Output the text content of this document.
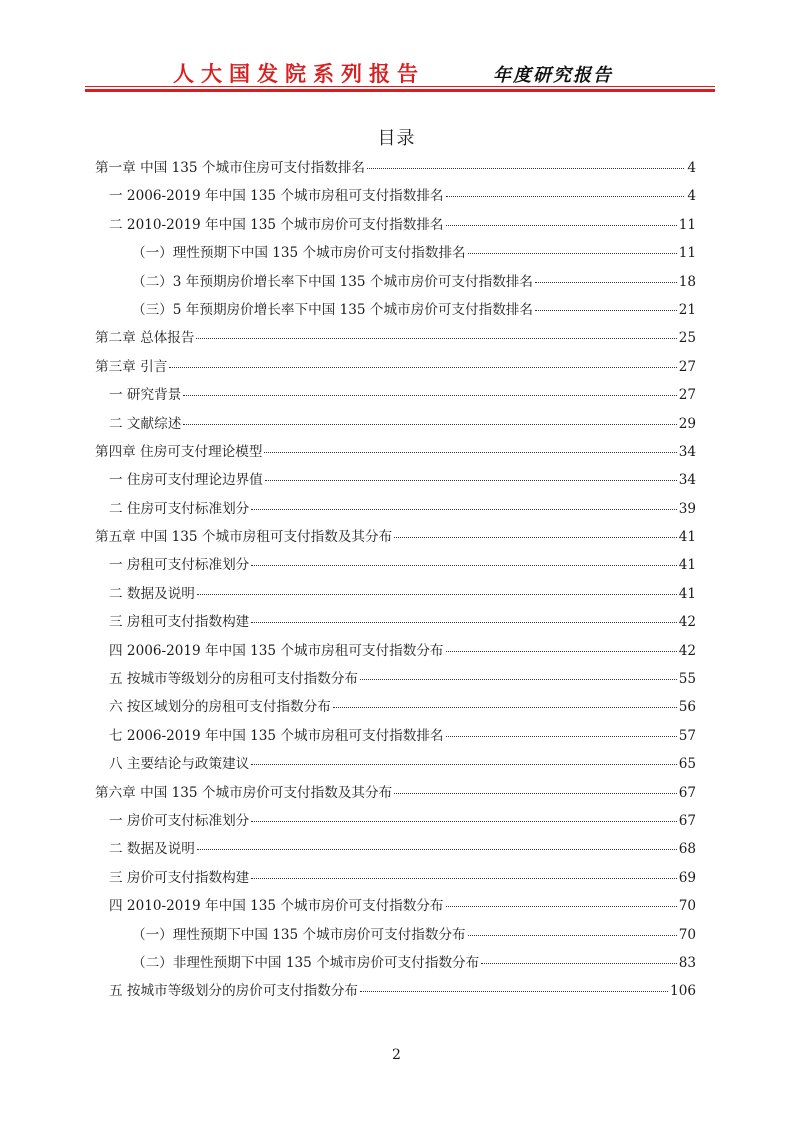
人大国发院系列报告	年度研究报告
目录
第一章 中国 135 个城市住房可支付指数排名	4
一 2006-2019 年中国 135 个城市房租可支付指数排名	4
二 2010-2019 年中国 135 个城市房价可支付指数排名	11
（一）理性预期下中国 135 个城市房价可支付指数排名	11
（二）3 年预期房价增长率下中国 135 个城市房价可支付指数排名	18
（三）5 年预期房价增长率下中国 135 个城市房价可支付指数排名	21
第二章 总体报告	25
第三章 引言	27
一 研究背景	27
二 文献综述	29
第四章 住房可支付理论模型	34
一 住房可支付理论边界值	34
二 住房可支付标准划分	39
第五章 中国 135 个城市房租可支付指数及其分布	41
一 房租可支付标准划分	41
二 数据及说明	41
三 房租可支付指数构建	42
四 2006-2019 年中国 135 个城市房租可支付指数分布	42
五 按城市等级划分的房租可支付指数分布	55
六 按区域划分的房租可支付指数分布	56
七 2006-2019 年中国 135 个城市房租可支付指数排名	57
八 主要结论与政策建议	65
第六章 中国 135 个城市房价可支付指数及其分布	67
一 房价可支付标准划分	67
二 数据及说明	68
三 房价可支付指数构建	69
四 2010-2019 年中国 135 个城市房价可支付指数分布	70
（一）理性预期下中国 135 个城市房价可支付指数分布	70
（二）非理性预期下中国 135 个城市房价可支付指数分布	83
五 按城市等级划分的房价可支付指数分布	106
2
